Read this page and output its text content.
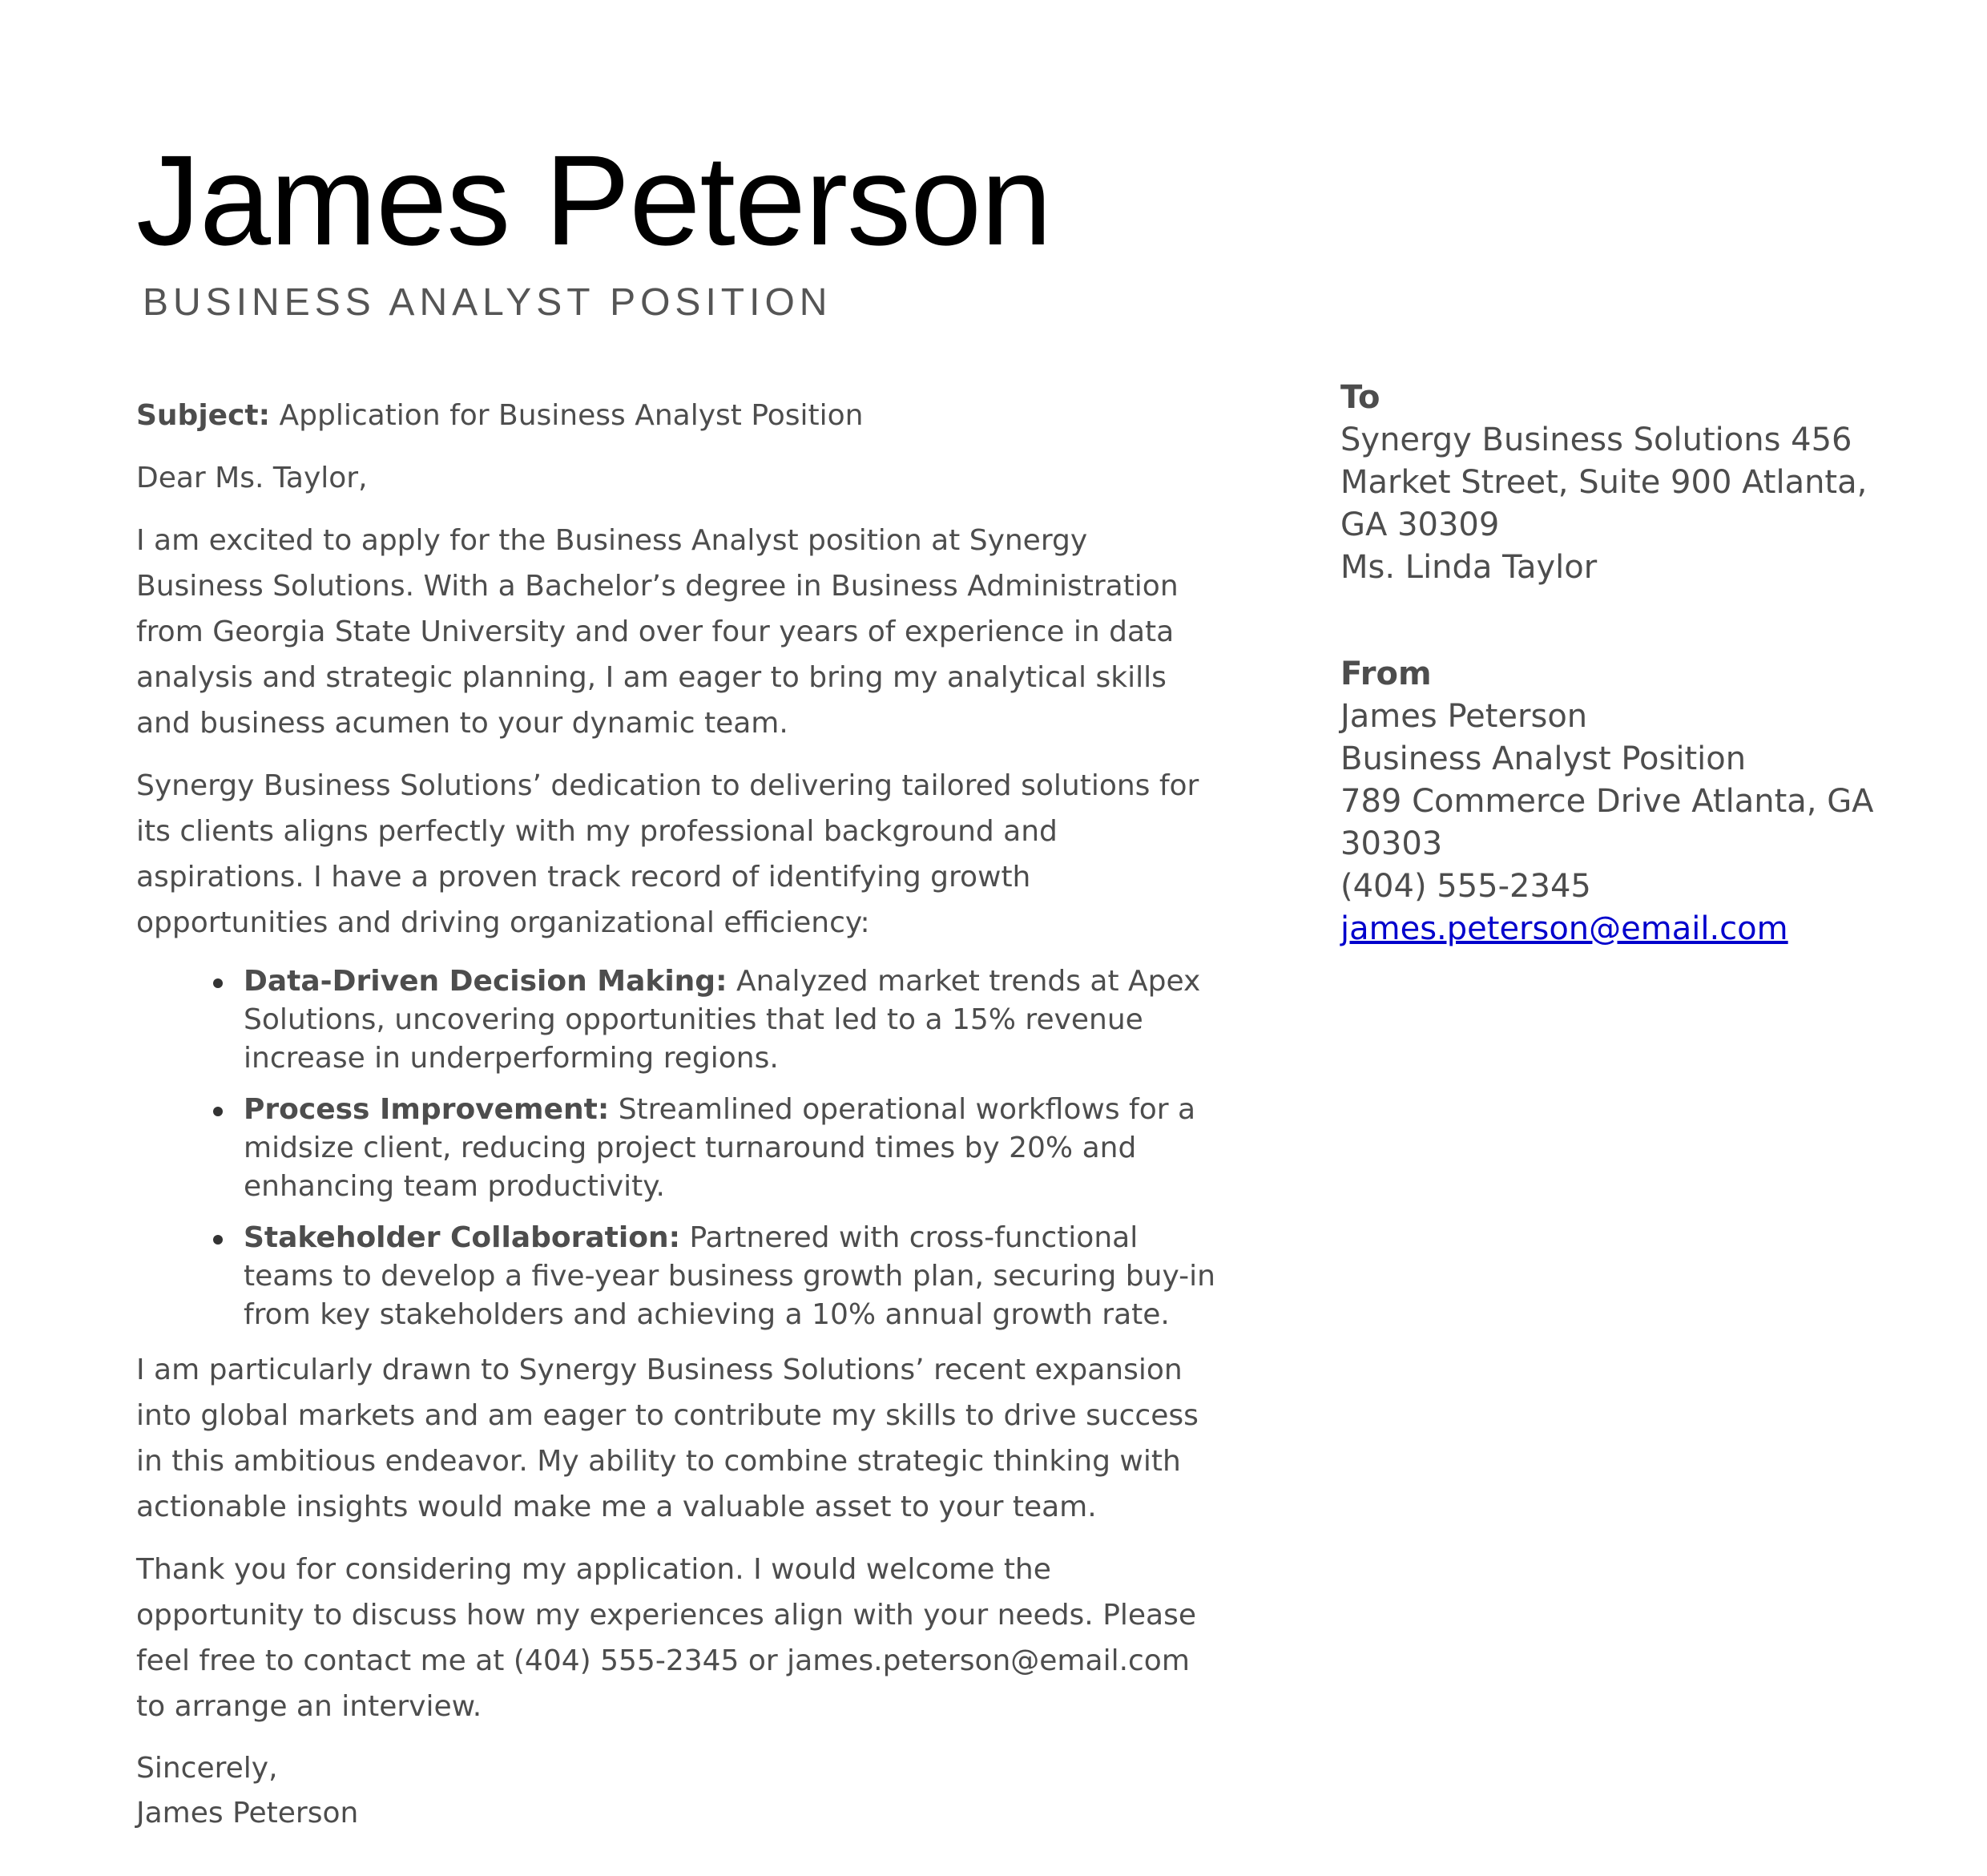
James Peterson
BUSINESS ANALYST POSITION

Subject: Application for Business Analyst Position

Dear Ms. Taylor,

I am excited to apply for the Business Analyst position at Synergy Business Solutions. With a Bachelor’s degree in Business Administration from Georgia State University and over four years of experience in data analysis and strategic planning, I am eager to bring my analytical skills and business acumen to your dynamic team.

Synergy Business Solutions’ dedication to delivering tailored solutions for its clients aligns perfectly with my professional background and aspirations. I have a proven track record of identifying growth opportunities and driving organizational efficiency:

Data-Driven Decision Making: Analyzed market trends at Apex Solutions, uncovering opportunities that led to a 15% revenue increase in underperforming regions.
Process Improvement: Streamlined operational workflows for a midsize client, reducing project turnaround times by 20% and enhancing team productivity.
Stakeholder Collaboration: Partnered with cross-functional teams to develop a five-year business growth plan, securing buy-in from key stakeholders and achieving a 10% annual growth rate.

I am particularly drawn to Synergy Business Solutions’ recent expansion into global markets and am eager to contribute my skills to drive success in this ambitious endeavor. My ability to combine strategic thinking with actionable insights would make me a valuable asset to your team.

Thank you for considering my application. I would welcome the opportunity to discuss how my experiences align with your needs. Please feel free to contact me at (404) 555-2345 or james.peterson@email.com to arrange an interview.

Sincerely,
James Peterson
To
Synergy Business Solutions 456 Market Street, Suite 900 Atlanta, GA 30309
Ms. Linda Taylor
From
James Peterson
Business Analyst Position
789 Commerce Drive Atlanta, GA 30303
(404) 555-2345
james.peterson@email.com
